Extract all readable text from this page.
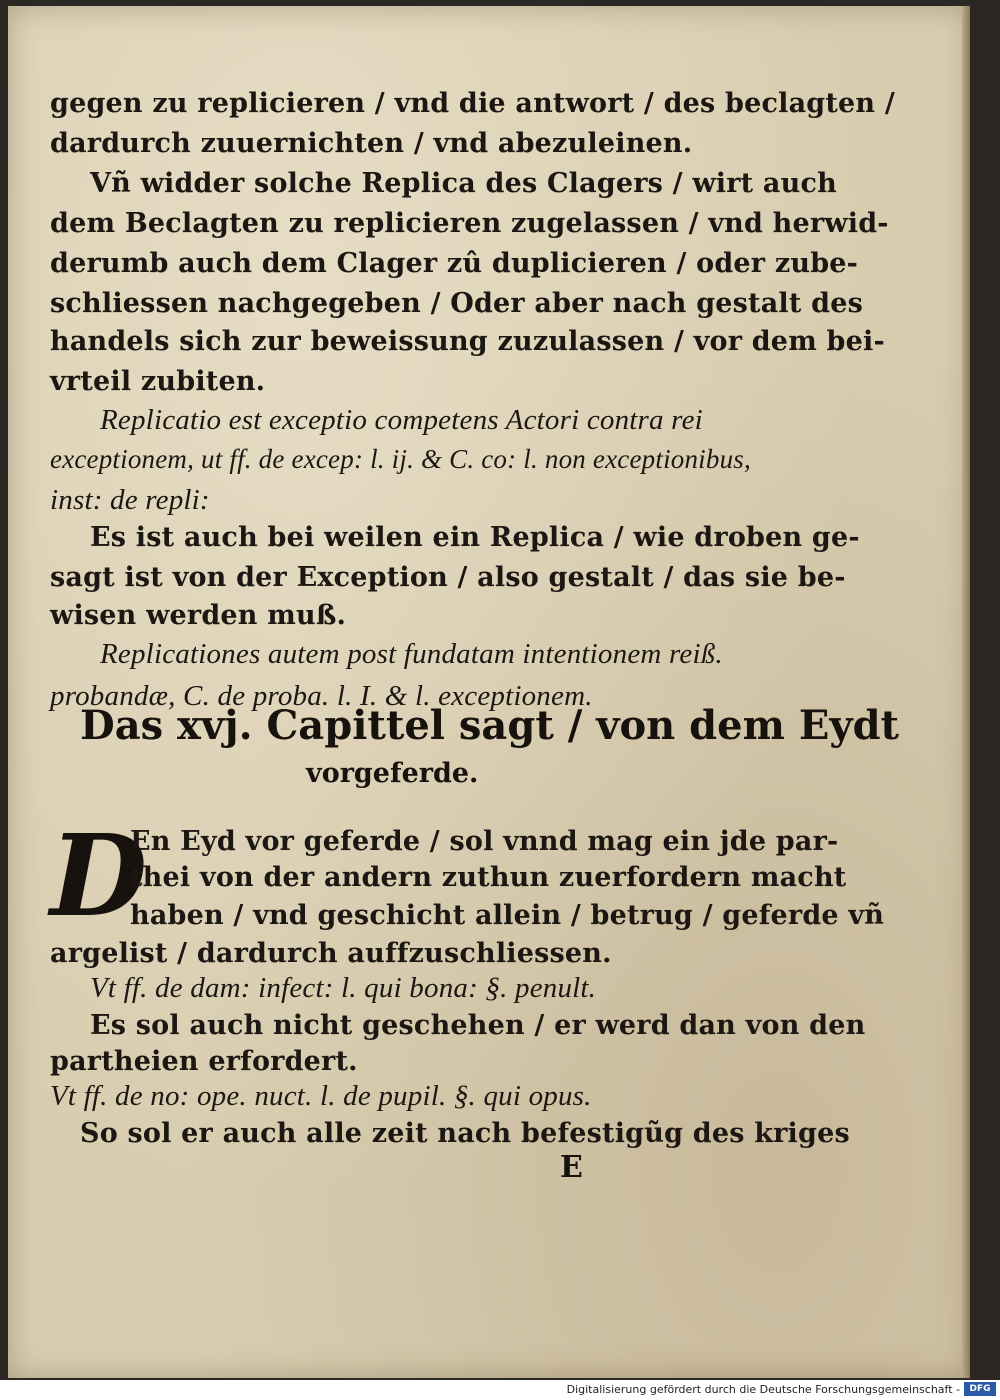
gegen zu replicieren / vnd die antwort / des beclagten /
dardurch zuuernichten / vnd abezuleinen.
Vñ widder solche Replica des Clagers / wirt auch
dem Beclagten zu replicieren zugelassen / vnd herwid-
derumb auch dem Clager zû duplicieren / oder zube-
schliessen nachgegeben / Oder aber nach gestalt des
handels sich zur beweissung zuzulassen / vor dem bei-
vrteil zubiten.
Replicatio est exceptio competens Actori contra rei
exceptionem, ut ff. de excep: l. ij. & C. co: l. non exceptionibus,
inst: de repli:
Es ist auch bei weilen ein Replica / wie droben ge-
sagt ist von der Exception / also gestalt / das sie be-
wisen werden muß.
Replicationes autem post fundatam intentionem reiß.
probandæ, C. de proba. l. I. & l. exceptionem.
Das xvj. Capittel sagt / von dem Eydt
vorgeferde.
D
En Eyd vor geferde / sol vnnd mag ein jde par-
thei von der andern zuthun zuerfordern macht
haben / vnd geschicht allein / betrug / geferde vñ
argelist / dardurch auffzuschliessen.
Vt ff. de dam: infect: l. qui bona: §. penult.
Es sol auch nicht geschehen / er werd dan von den
partheien erfordert.
Vt ff. de no: ope. nuct. l. de pupil. §. qui opus.
So sol er auch alle zeit nach befestigũg des kriges
E
Digitalisierung gefördert durch die Deutsche Forschungsgemeinschaft -	DFG
